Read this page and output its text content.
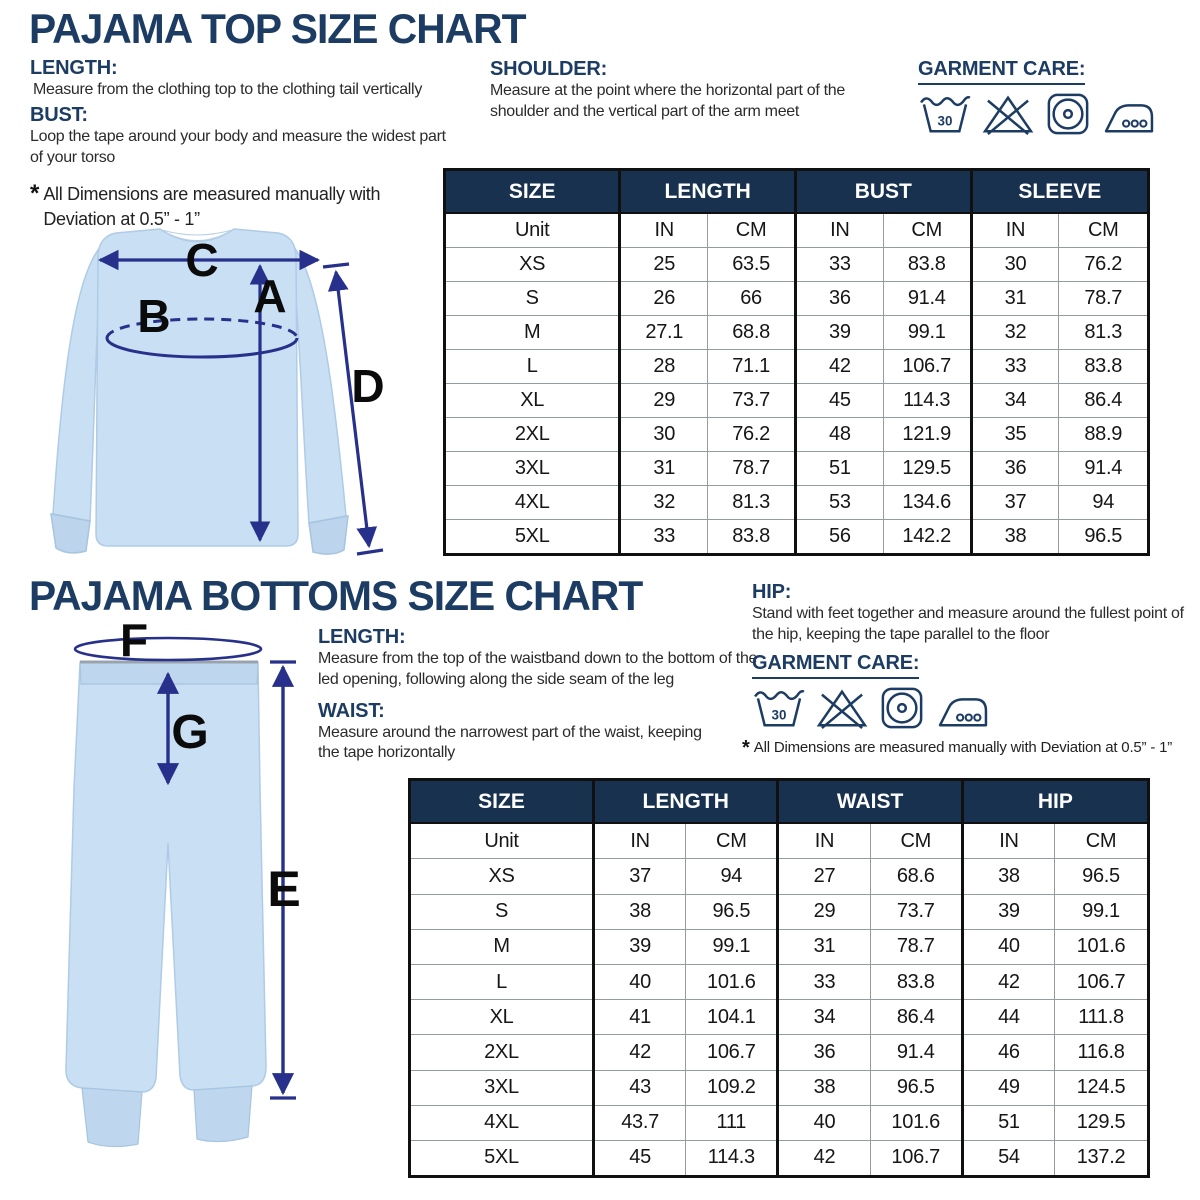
PAJAMA TOP SIZE CHART
LENGTH:
Measure from the clothing top to the clothing tail vertically
BUST:
Loop the tape around your body and measure the widest part of your torso
* All Dimensions are measured manually with Deviation at 0.5” - 1”
SHOULDER:
Measure at the point where the horizontal part of the shoulder and the vertical part of the arm meet
GARMENT CARE:
30
C
A
B
D
SIZE	LENGTH		BUST		SLEEVE	
Unit	IN	CM	IN	CM	IN	CM
XS	25	63.5	33	83.8	30	76.2
S	26	66	36	91.4	31	78.7
M	27.1	68.8	39	99.1	32	81.3
L	28	71.1	42	106.7	33	83.8
XL	29	73.7	45	114.3	34	86.4
2XL	30	76.2	48	121.9	35	88.9
3XL	31	78.7	51	129.5	36	91.4
4XL	32	81.3	53	134.6	37	94
5XL	33	83.8	56	142.2	38	96.5
PAJAMA BOTTOMS SIZE CHART
F
G
E
LENGTH:
Measure from the top of the waistband down to the bottom of the led opening, following along the side seam of the leg
WAIST:
Measure around the narrowest part of the waist, keeping the tape horizontally
HIP:
Stand with feet together and measure around the fullest point of the hip, keeping the tape parallel to the floor
GARMENT CARE:
30
* All Dimensions are measured manually with Deviation at 0.5” - 1”
SIZE	LENGTH		WAIST		HIP	
Unit	IN	CM	IN	CM	IN	CM
XS	37	94	27	68.6	38	96.5
S	38	96.5	29	73.7	39	99.1
M	39	99.1	31	78.7	40	101.6
L	40	101.6	33	83.8	42	106.7
XL	41	104.1	34	86.4	44	111.8
2XL	42	106.7	36	91.4	46	116.8
3XL	43	109.2	38	96.5	49	124.5
4XL	43.7	111	40	101.6	51	129.5
5XL	45	114.3	42	106.7	54	137.2
